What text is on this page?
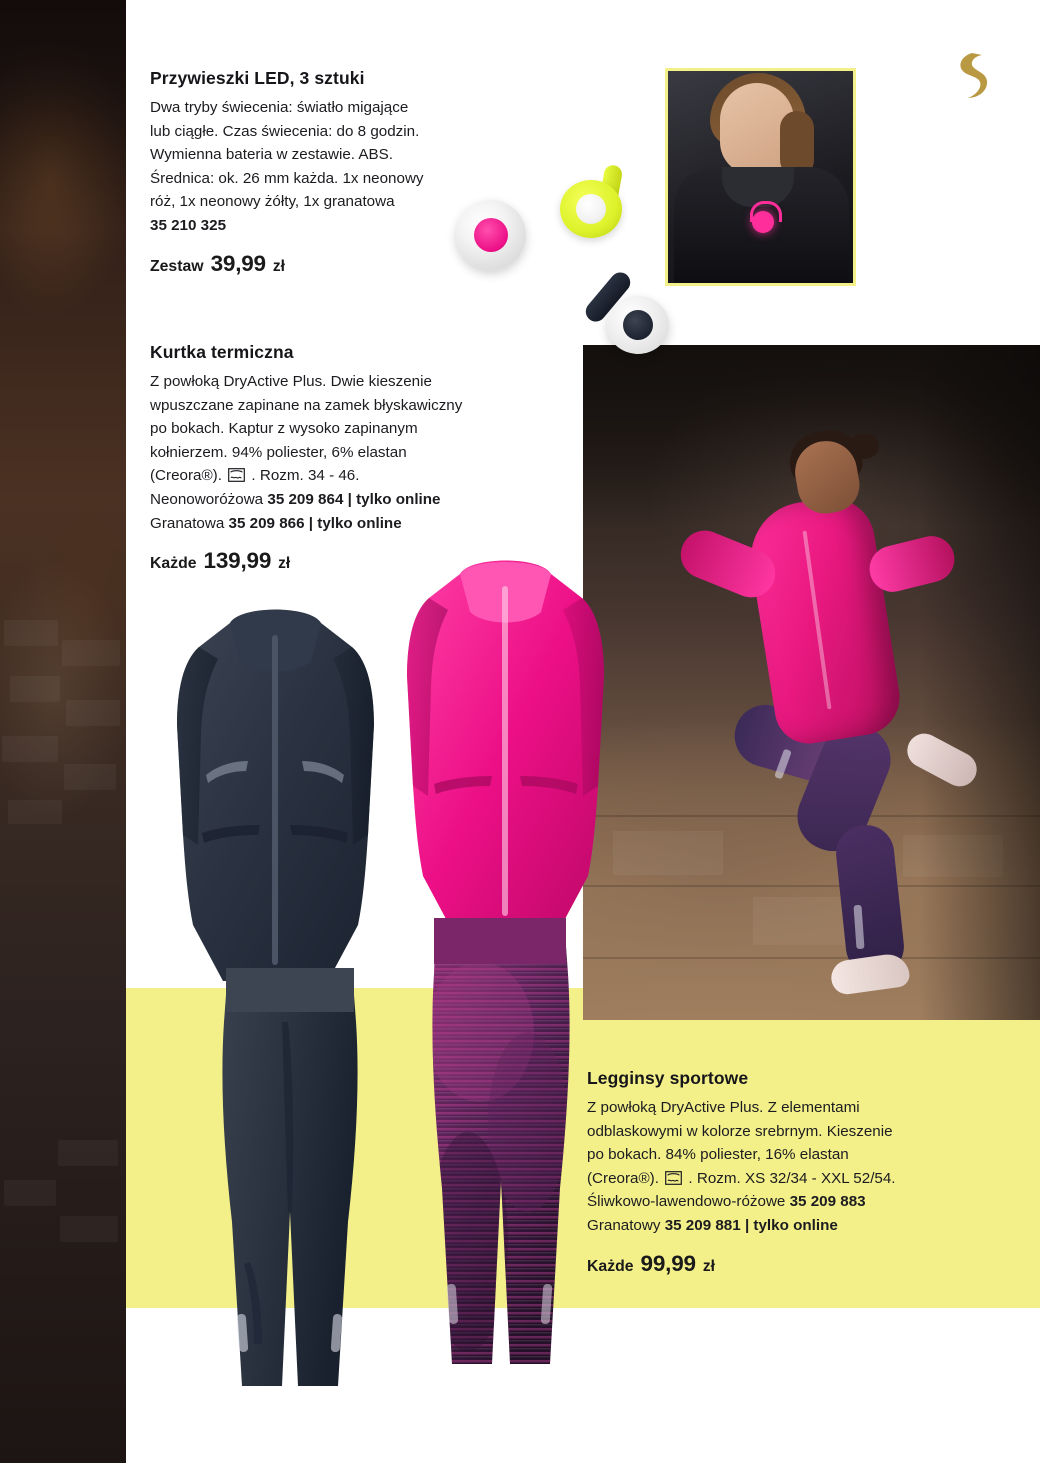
Przywieszki LED, 3 sztuki

Dwa tryby świecenia: światło migające
lub ciągłe. Czas świecenia: do 8 godzin.
Wymienna bateria w zestawie. ABS.
Średnica: ok. 26 mm każda. 1x neonowy
róż, 1x neonowy żółty, 1x granatowa
35 210 325

Zestaw 39,99 zł
Kurtka termiczna

Z powłoką DryActive Plus. Dwie kieszenie
wpuszczane zapinane na zamek błyskawiczny
po bokach. Kaptur z wysoko zapinanym
kołnierzem. 94% poliester, 6% elastan
(Creora®). . Rozm. 34 - 46.
Neonoworóżowa 35 209 864 | tylko online
Granatowa 35 209 866 | tylko online

Każde 139,99 zł
Legginsy sportowe

Z powłoką DryActive Plus. Z elementami
odblaskowymi w kolorze srebrnym. Kieszenie
po bokach. 84% poliester, 16% elastan
(Creora®). . Rozm. XS 32/34 - XXL 52/54.
Śliwkowo-lawendowo-różowe 35 209 883
Granatowy 35 209 881 | tylko online

Każde 99,99 zł
